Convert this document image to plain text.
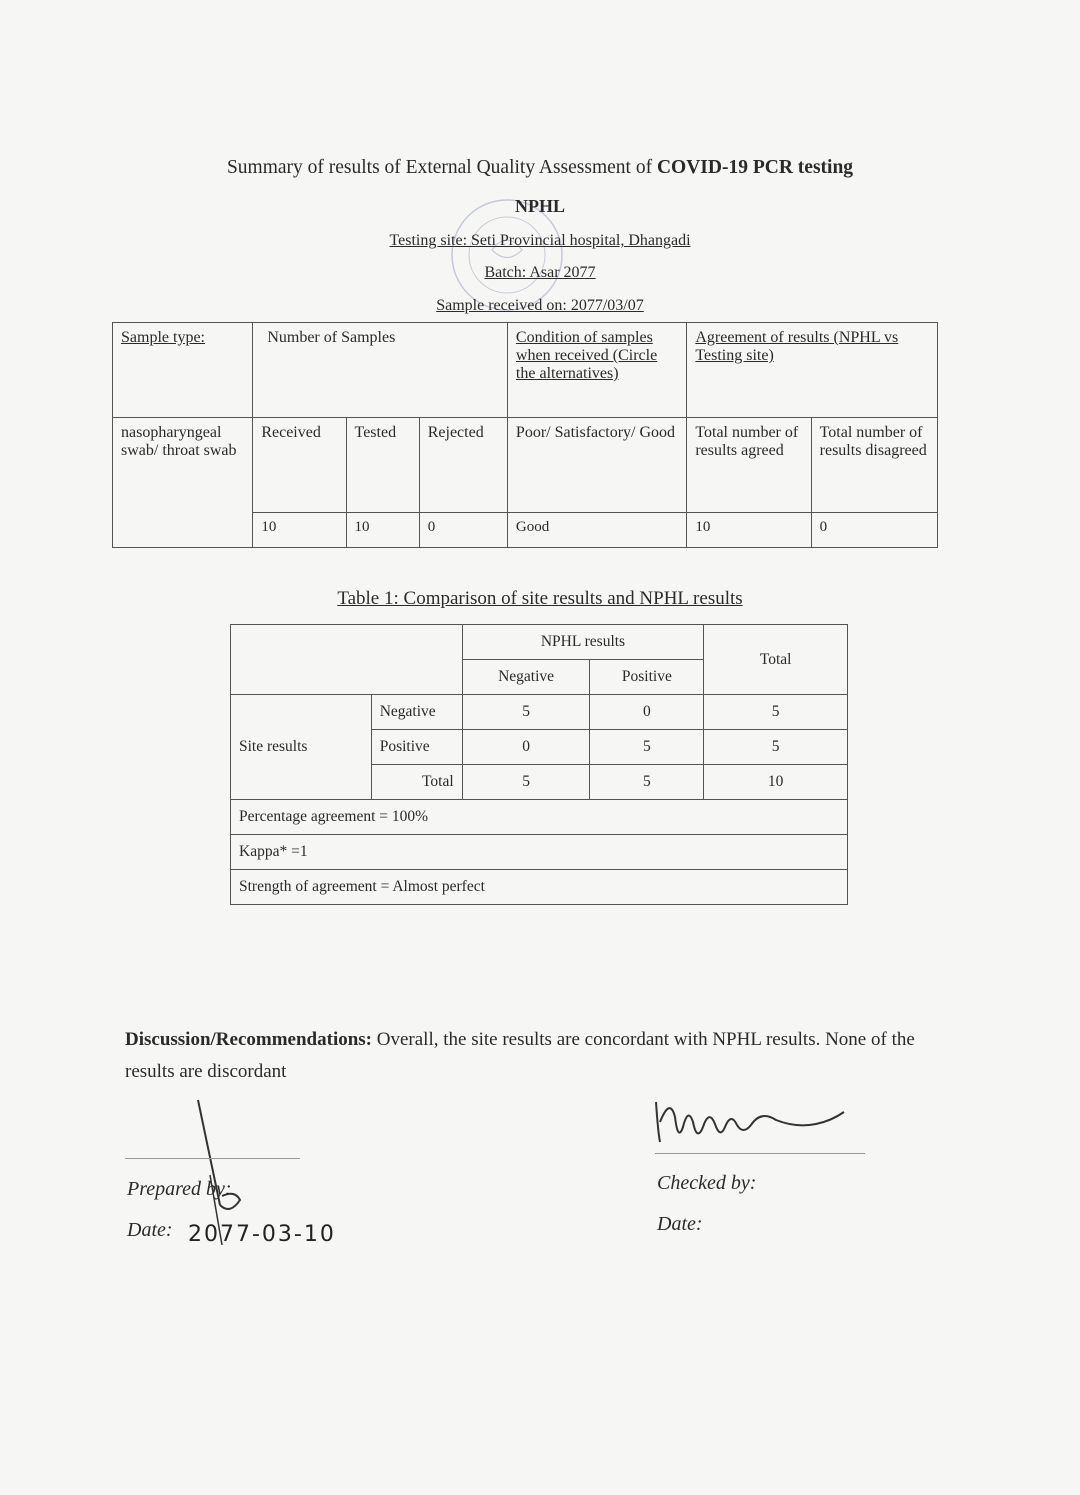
Summary of results of External Quality Assessment of COVID-19 PCR testing
NPHL
Testing site: Seti Provincial hospital, Dhangadi
Batch: Asar 2077
Sample received on: 2077/03/07
Sample type:	Number of Samples			Condition of samples when received (Circle the alternatives)	Agreement of results (NPHL vs Testing site)	
nasopharyngeal swab/ throat swab	Received	Tested	Rejected	Poor/ Satisfactory/ Good	Total number of results agreed	Total number of results disagreed
	10	10	0	Good	10	0
Table 1: Comparison of site results and NPHL results
		NPHL results		Total
		Negative	Positive	
Site results	Negative	5	0	5
	Positive	0	5	5
	Total	5	5	10
Percentage agreement = 100%				
Kappa* =1				
Strength of agreement = Almost perfect				
Discussion/Recommendations: Overall, the site results are concordant with NPHL results. None of the results are discordant
Prepared by:
Date: 2077-03-10
Checked by:
Date:
